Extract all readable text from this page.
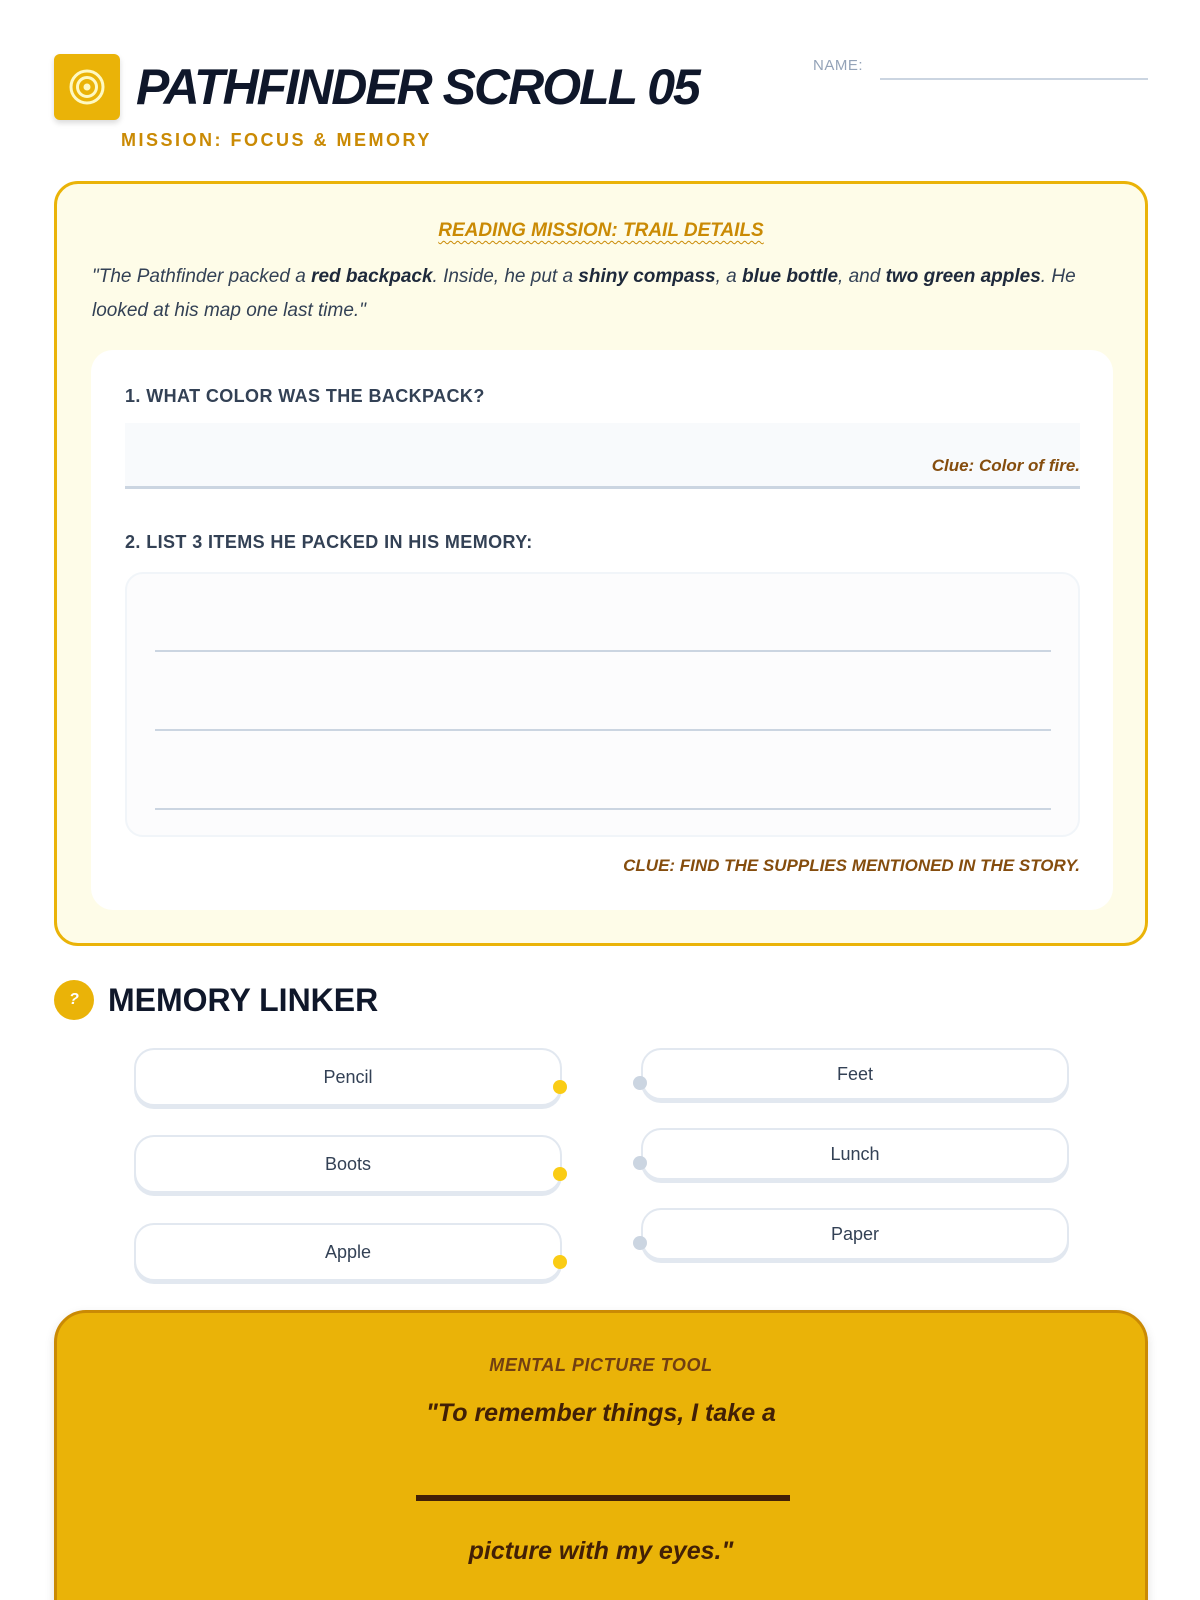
PATHFINDER SCROLL 05
MISSION: FOCUS & MEMORY
NAME:
READING MISSION: TRAIL DETAILS

"The Pathfinder packed a red backpack. Inside, he put a shiny compass, a blue bottle, and two green apples. He looked at his map one last time."

1. WHAT COLOR WAS THE BACKPACK?
Clue: Color of fire.
2. LIST 3 ITEMS HE PACKED IN HIS MEMORY:
CLUE: FIND THE SUPPLIES MENTIONED IN THE STORY.
? MEMORY LINKER
Pencil
Boots
Apple
Feet
Lunch
Paper
MENTAL PICTURE TOOL
"To remember things, I take a
picture with my eyes."
